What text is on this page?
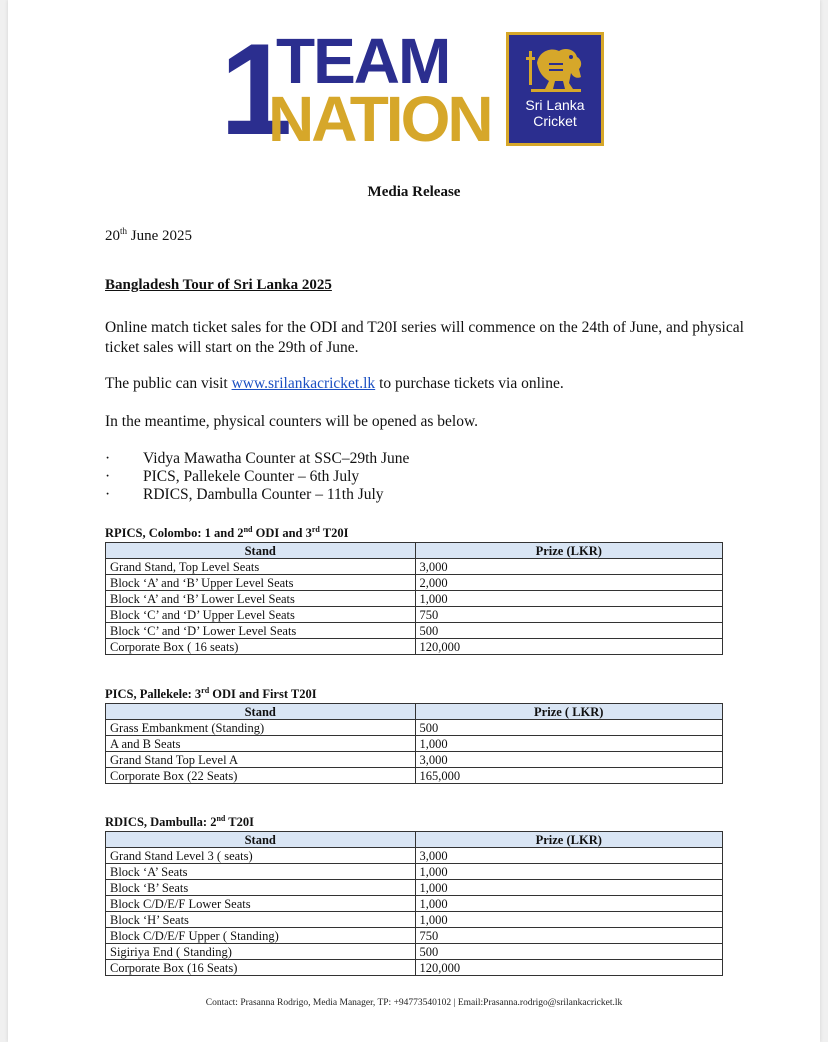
1
TEAM
NATION	Sri Lanka
Cricket
Media Release
20th June 2025
Bangladesh Tour of Sri Lanka 2025
Online match ticket sales for the ODI and T20I series will commence on the 24th of June, and physical ticket sales will start on the 29th of June.
The public can visit www.srilankacricket.lk to purchase tickets via online.
In the meantime, physical counters will be opened as below.
· Vidya Mawatha Counter at SSC–29th June
· PICS, Pallekele Counter – 6th July
· RDICS, Dambulla Counter – 11th July
RPICS, Colombo: 1 and 2nd ODI and 3rd T20I
Stand	Prize (LKR)
Grand Stand, Top Level Seats	3,000
Block ‘A’ and ‘B’ Upper Level Seats	2,000
Block ‘A’ and ‘B’ Lower Level Seats	1,000
Block ‘C’ and ‘D’ Upper Level Seats	750
Block ‘C’ and ‘D’ Lower Level Seats	500
Corporate Box ( 16 seats)	120,000
PICS, Pallekele: 3rd ODI and First T20I
Stand	Prize ( LKR)
Grass Embankment (Standing)	500
A and B Seats	1,000
Grand Stand Top Level A	3,000
Corporate Box (22 Seats)	165,000
RDICS, Dambulla: 2nd T20I
Stand	Prize (LKR)
Grand Stand Level 3 ( seats)	3,000
Block ‘A’ Seats	1,000
Block ‘B’ Seats	1,000
Block C/D/E/F Lower Seats	1,000
Block ‘H’ Seats	1,000
Block C/D/E/F Upper ( Standing)	750
Sigiriya End ( Standing)	500
Corporate Box (16 Seats)	120,000
Contact: Prasanna Rodrigo, Media Manager, TP: +94773540102 | Email:Prasanna.rodrigo@srilankacricket.lk
